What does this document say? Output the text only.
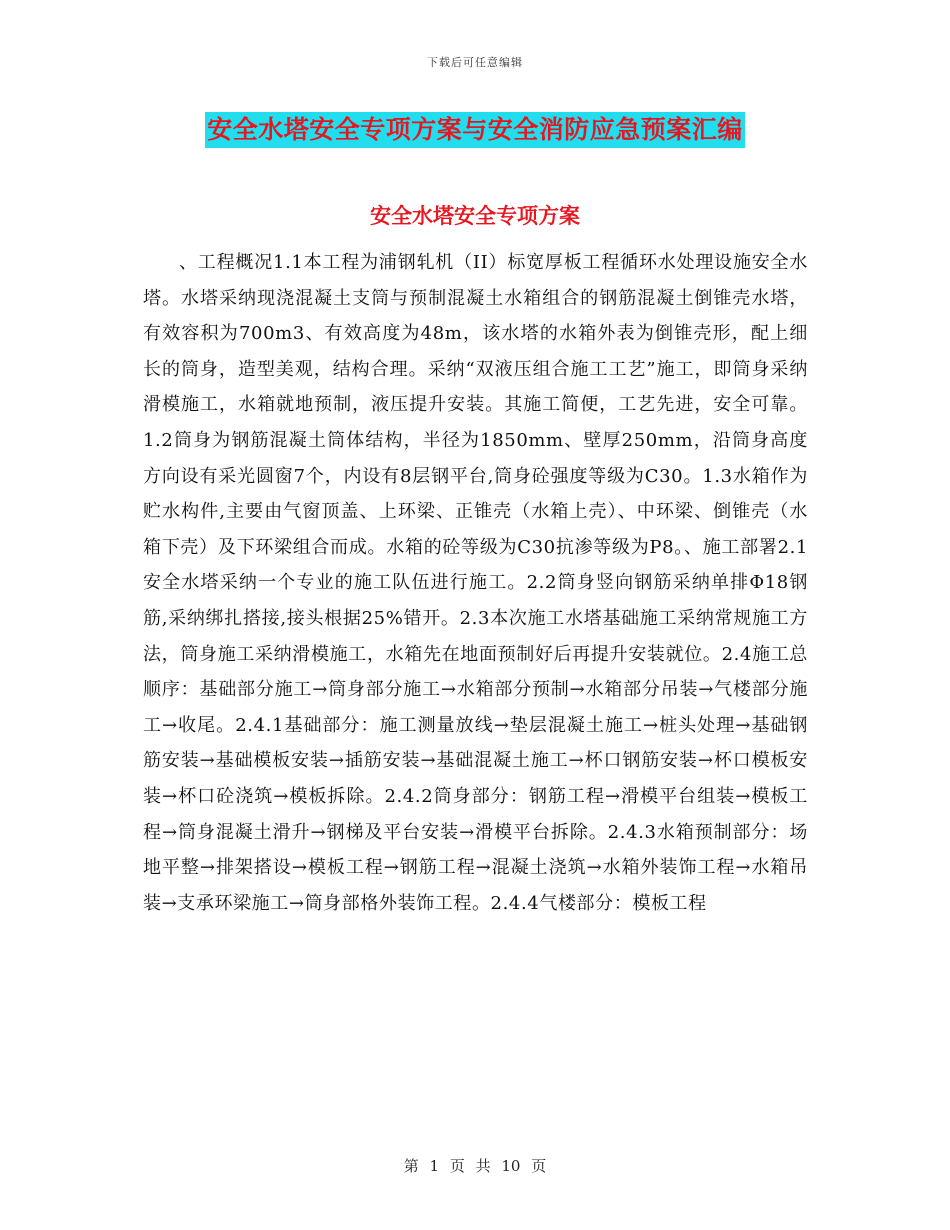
下载后可任意编辑
安全水塔安全专项方案与安全消防应急预案汇编
安全水塔安全专项方案

、工程概况1.1本工程为浦钢轧机（II）标宽厚板工程循环水处理设施安全水塔。水塔采纳现浇混凝土支筒与预制混凝土水箱组合的钢筋混凝土倒锥壳水塔，有效容积为700m3、有效高度为48m，该水塔的水箱外表为倒锥壳形，配上细长的筒身，造型美观，结构合理。采纳“双液压组合施工工艺”施工，即筒身采纳滑模施工，水箱就地预制，液压提升安装。其施工简便，工艺先进，安全可靠。1.2筒身为钢筋混凝土筒体结构，半径为1850mm、壁厚250mm，沿筒身高度方向设有采光圆窗7个，内设有8层钢平台,筒身砼强度等级为C30。1.3水箱作为贮水构件,主要由气窗顶盖、上环梁、正锥壳（水箱上壳）、中环梁、倒锥壳（水箱下壳）及下环梁组合而成。水箱的砼等级为C30抗渗等级为P8。、施工部署2.1安全水塔采纳一个专业的施工队伍进行施工。2.2筒身竖向钢筋采纳单排Φ18钢筋,采纳绑扎搭接,接头根据25%错开。2.3本次施工水塔基础施工采纳常规施工方法，筒身施工采纳滑模施工，水箱先在地面预制好后再提升安装就位。2.4施工总顺序：基础部分施工→筒身部分施工→水箱部分预制→水箱部分吊装→气楼部分施工→收尾。2.4.1基础部分：施工测量放线→垫层混凝土施工→桩头处理→基础钢筋安装→基础模板安装→插筋安装→基础混凝土施工→杯口钢筋安装→杯口模板安装→杯口砼浇筑→模板拆除。2.4.2筒身部分：钢筋工程→滑模平台组装→模板工程→筒身混凝土滑升→钢梯及平台安装→滑模平台拆除。2.4.3水箱预制部分：场地平整→排架搭设→模板工程→钢筋工程→混凝土浇筑→水箱外装饰工程→水箱吊装→支承环梁施工→筒身部格外装饰工程。2.4.4气楼部分：模板工程

第 1 页 共 10 页
